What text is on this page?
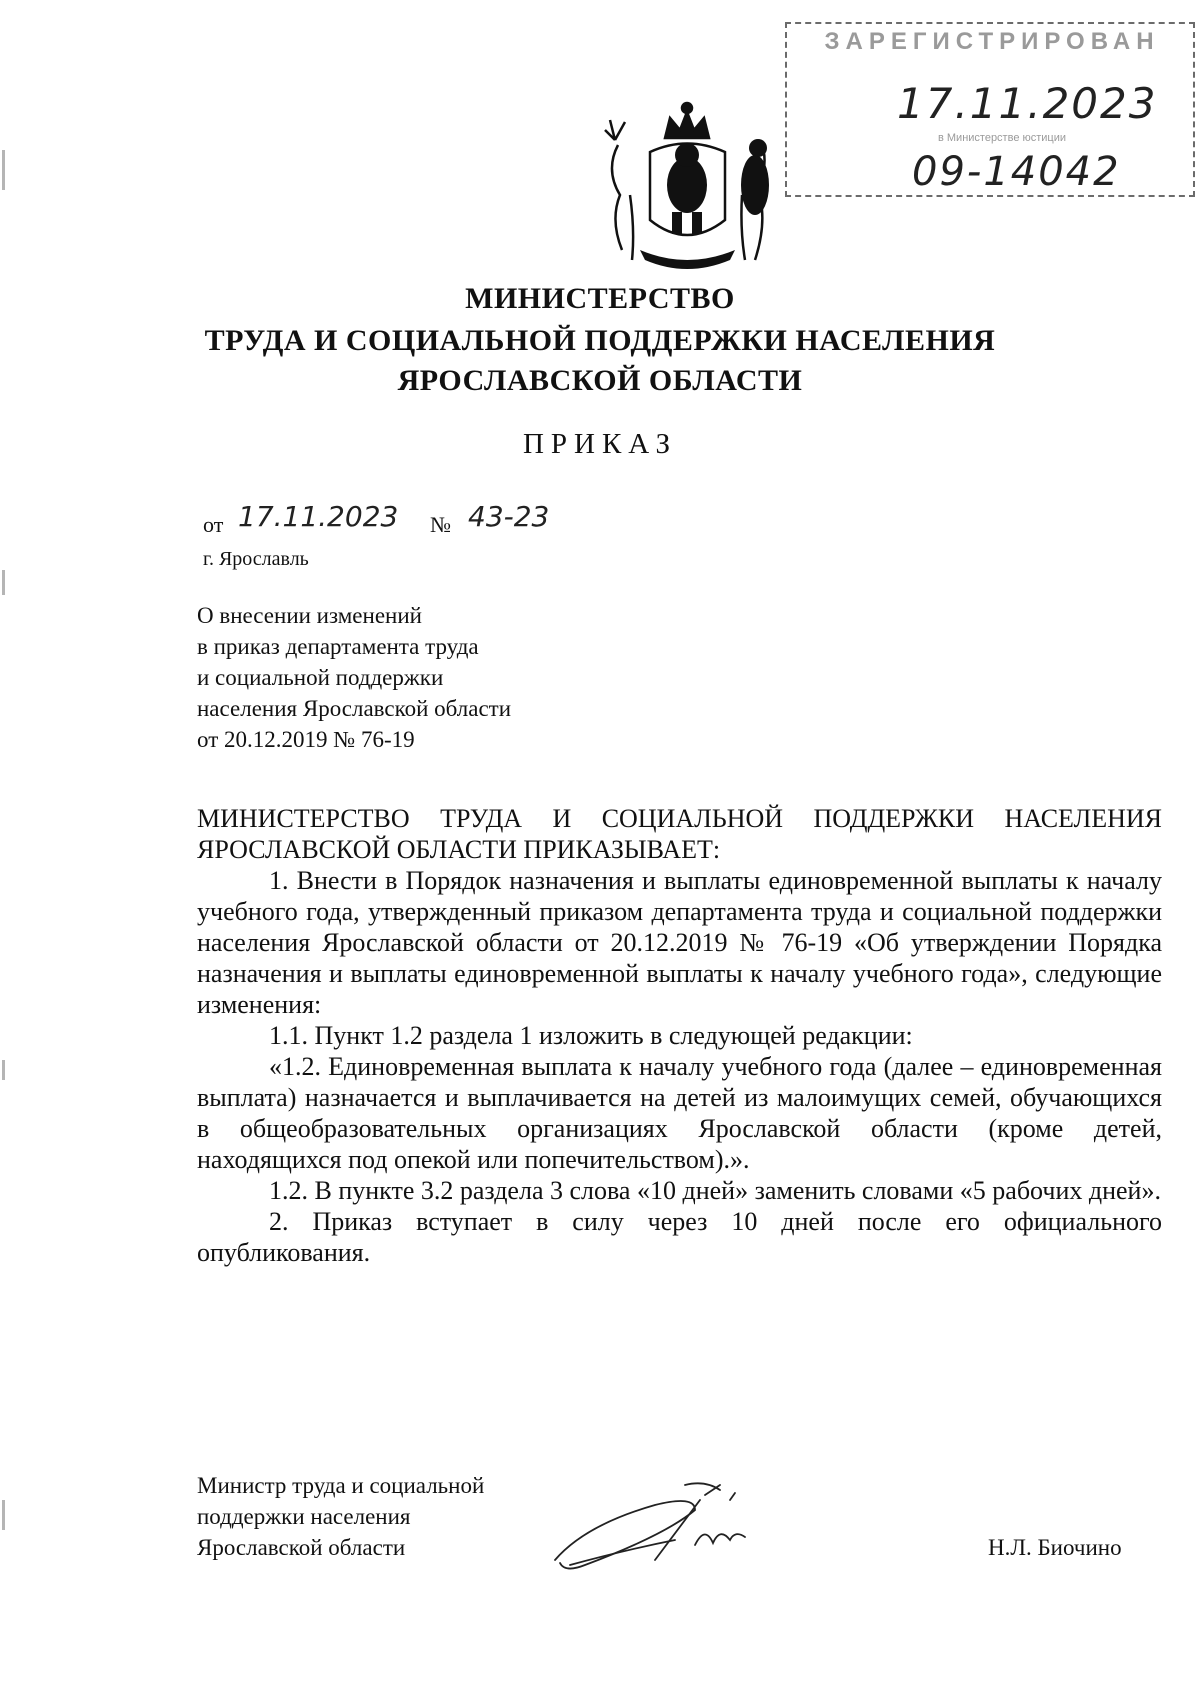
ЗАРЕГИСТРИРОВАН
17.11.2023
в Министерстве юстиции
09-14042
МИНИСТЕРСТВО
ТРУДА И СОЦИАЛЬНОЙ ПОДДЕРЖКИ НАСЕЛЕНИЯ
ЯРОСЛАВСКОЙ ОБЛАСТИ
ПРИКАЗ
от 17.11.2023 № 43-23
г. Ярославль
О внесении изменений
в приказ департамента труда
и социальной поддержки
населения Ярославской области
от 20.12.2019 № 76-19

МИНИСТЕРСТВО ТРУДА И СОЦИАЛЬНОЙ ПОДДЕРЖКИ НАСЕЛЕНИЯ ЯРОСЛАВСКОЙ ОБЛАСТИ ПРИКАЗЫВАЕТ:

1. Внести в Порядок назначения и выплаты единовременной выплаты к началу учебного года, утвержденный приказом департамента труда и социальной поддержки населения Ярославской области от 20.12.2019 № 76-19 «Об утверждении Порядка назначения и выплаты единовременной выплаты к началу учебного года», следующие изменения:

1.1. Пункт 1.2 раздела 1 изложить в следующей редакции:

«1.2. Единовременная выплата к началу учебного года (далее – единовременная выплата) назначается и выплачивается на детей из малоимущих семей, обучающихся в общеобразовательных организациях Ярославской области (кроме детей, находящихся под опекой или попечительством).».

1.2. В пункте 3.2 раздела 3 слова «10 дней» заменить словами «5 рабочих дней».

2. Приказ вступает в силу через 10 дней после его официального опубликования.

Министр труда и социальной
поддержки населения
Ярославской области	Н.Л. Биочино
